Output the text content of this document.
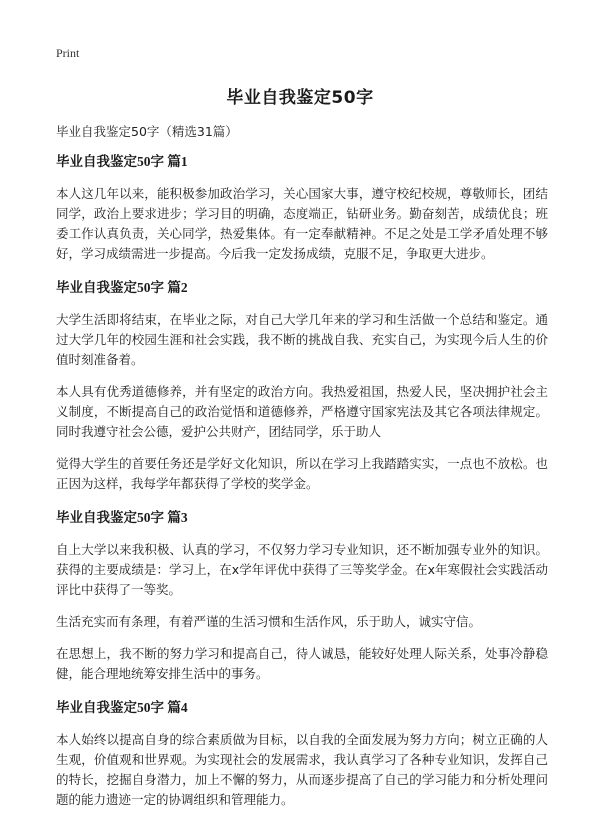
Print
毕业自我鉴定50字
毕业自我鉴定50字（精选31篇）
毕业自我鉴定50字 篇1

本人这几年以来，能积极参加政治学习，关心国家大事，遵守校纪校规，尊敬师长，团结同学，政治上要求进步；学习目的明确，态度端正，钻研业务。勤奋刻苦，成绩优良；班委工作认真负责，关心同学，热爱集体。有一定奉献精神。不足之处是工学矛盾处理不够好，学习成绩需进一步提高。今后我一定发扬成绩，克服不足，争取更大进步。

毕业自我鉴定50字 篇2

大学生活即将结束，在毕业之际，对自己大学几年来的学习和生活做一个总结和鉴定。通过大学几年的校园生涯和社会实践，我不断的挑战自我、充实自己，为实现今后人生的价值时刻准备着。

本人具有优秀道德修养，并有坚定的政治方向。我热爱祖国，热爱人民，坚决拥护社会主义制度，不断提高自己的政治觉悟和道德修养，严格遵守国家宪法及其它各项法律规定。同时我遵守社会公德，爱护公共财产，团结同学，乐于助人

觉得大学生的首要任务还是学好文化知识，所以在学习上我踏踏实实，一点也不放松。也正因为这样，我每学年都获得了学校的奖学金。

毕业自我鉴定50字 篇3

自上大学以来我积极、认真的学习，不仅努力学习专业知识，还不断加强专业外的知识。获得的主要成绩是：学习上，在x学年评优中获得了三等奖学金。在x年寒假社会实践活动评比中获得了一等奖。

生活充实而有条理，有着严谨的生活习惯和生活作风，乐于助人，诚实守信。

在思想上，我不断的努力学习和提高自己，待人诚恳，能较好处理人际关系，处事冷静稳健，能合理地统筹安排生活中的事务。

毕业自我鉴定50字 篇4

本人始终以提高自身的综合素质做为目标，以自我的全面发展为努力方向；树立正确的人生观，价值观和世界观。为实现社会的发展需求，我认真学习了各种专业知识，发挥自己的特长，挖掘自身潜力，加上不懈的努力，从而逐步提高了自己的学习能力和分析处理问题的能力遗迹一定的协调组织和管理能力。
